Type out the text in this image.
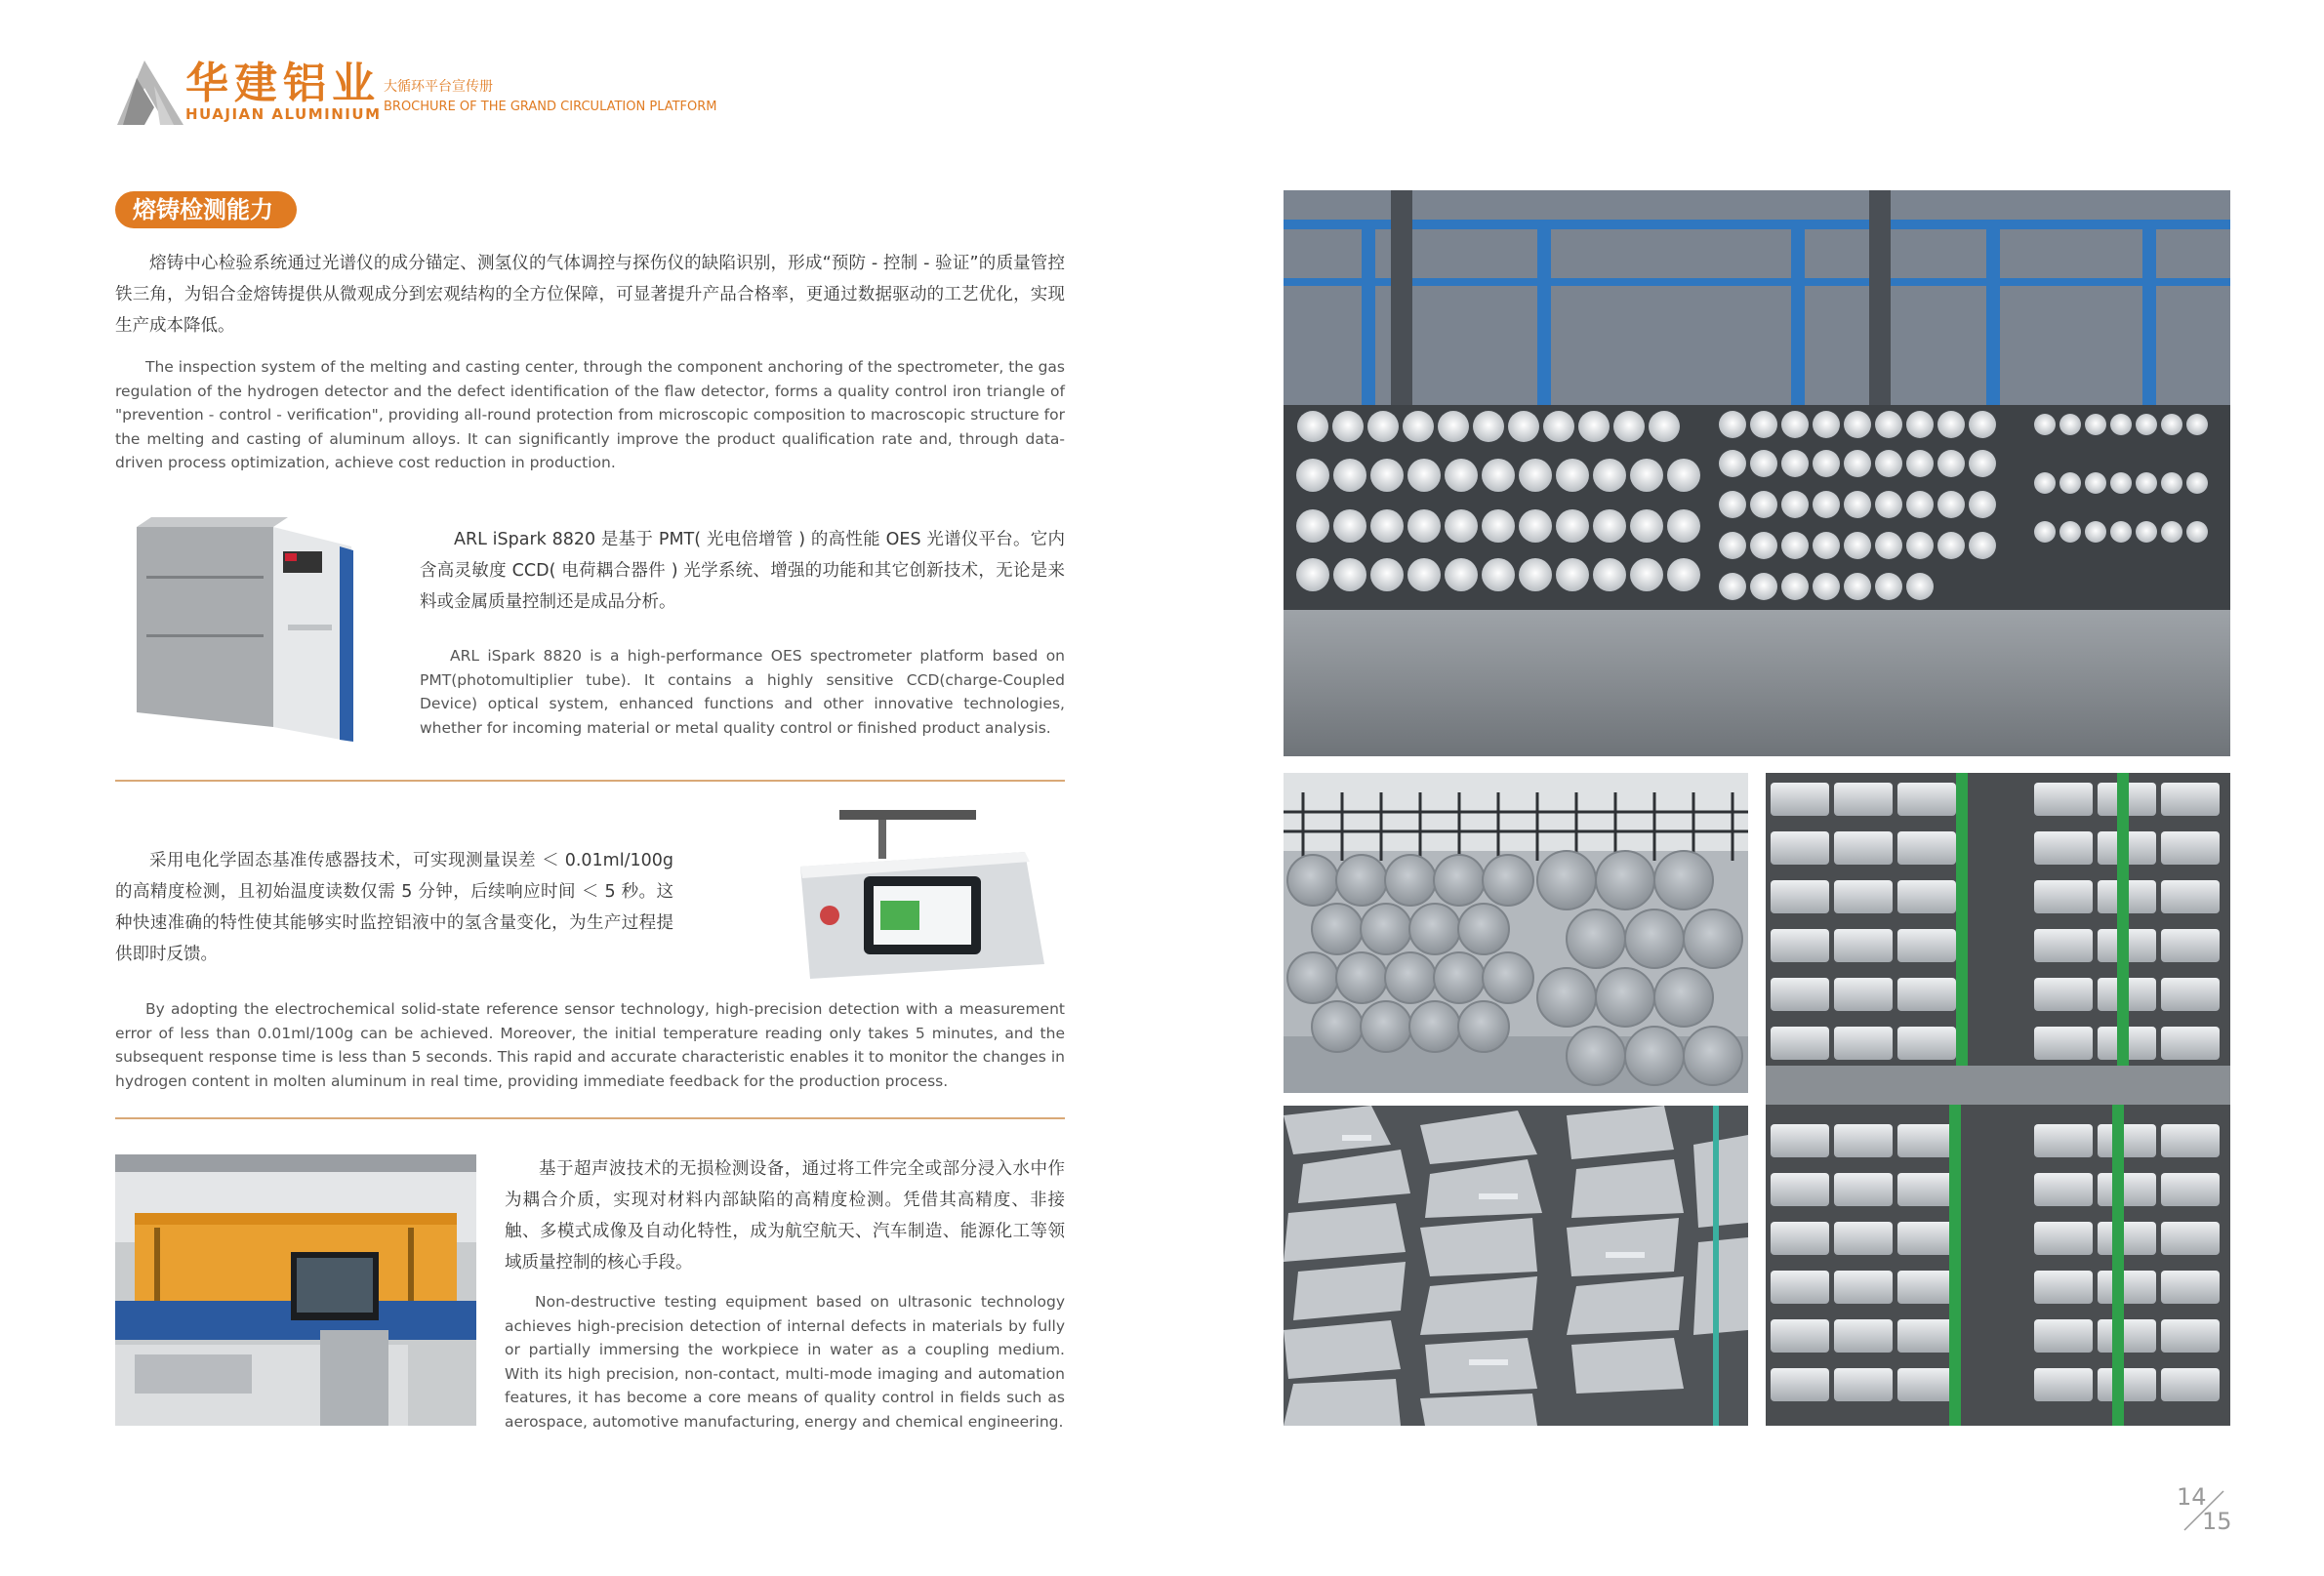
华建铝业
HUAJIAN ALUMINIUM
大循环平台宣传册
BROCHURE OF THE GRAND CIRCULATION PLATFORM
熔铸检测能力
熔铸中心检验系统通过光谱仪的成分锚定、测氢仪的气体调控与探伤仪的缺陷识别，形成“预防 - 控制 - 验证”的质量管控铁三角，为铝合金熔铸提供从微观成分到宏观结构的全方位保障，可显著提升产品合格率，更通过数据驱动的工艺优化，实现生产成本降低。
The inspection system of the melting and casting center, through the component anchoring of the spectrometer, the gas regulation of the hydrogen detector and the defect identification of the flaw detector, forms a quality control iron triangle of "prevention - control - verification", providing all-round protection from microscopic composition to macroscopic structure for the melting and casting of aluminum alloys. It can significantly improve the product qualification rate and, through data-driven process optimization, achieve cost reduction in production.
ARL iSpark 8820 是基于 PMT( 光电倍增管 ) 的高性能 OES 光谱仪平台。它内含高灵敏度 CCD( 电荷耦合器件 ) 光学系统、增强的功能和其它创新技术，无论是来料或金属质量控制还是成品分析。
ARL iSpark 8820 is a high-performance OES spectrometer platform based on PMT(photomultiplier tube). It contains a highly sensitive CCD(charge-Coupled Device) optical system, enhanced functions and other innovative technologies, whether for incoming material or metal quality control or finished product analysis.
采用电化学固态基准传感器技术，可实现测量误差 ＜ 0.01ml/100g 的高精度检测，且初始温度读数仅需 5 分钟，后续响应时间 ＜ 5 秒。这种快速准确的特性使其能够实时监控铝液中的氢含量变化，为生产过程提供即时反馈。
By adopting the electrochemical solid-state reference sensor technology, high-precision detection with a measurement error of less than 0.01ml/100g can be achieved. Moreover, the initial temperature reading only takes 5 minutes, and the subsequent response time is less than 5 seconds. This rapid and accurate characteristic enables it to monitor the changes in hydrogen content in molten aluminum in real time, providing immediate feedback for the production process.
基于超声波技术的无损检测设备，通过将工件完全或部分浸入水中作为耦合介质，实现对材料内部缺陷的高精度检测。凭借其高精度、非接触、多模式成像及自动化特性，成为航空航天、汽车制造、能源化工等领域质量控制的核心手段。
Non-destructive testing equipment based on ultrasonic technology achieves high-precision detection of internal defects in materials by fully or partially immersing the workpiece in water as a coupling medium. With its high precision, non-contact, multi-mode imaging and automation features, it has become a core means of quality control in fields such as aerospace, automotive manufacturing, energy and chemical engineering.
14
15
